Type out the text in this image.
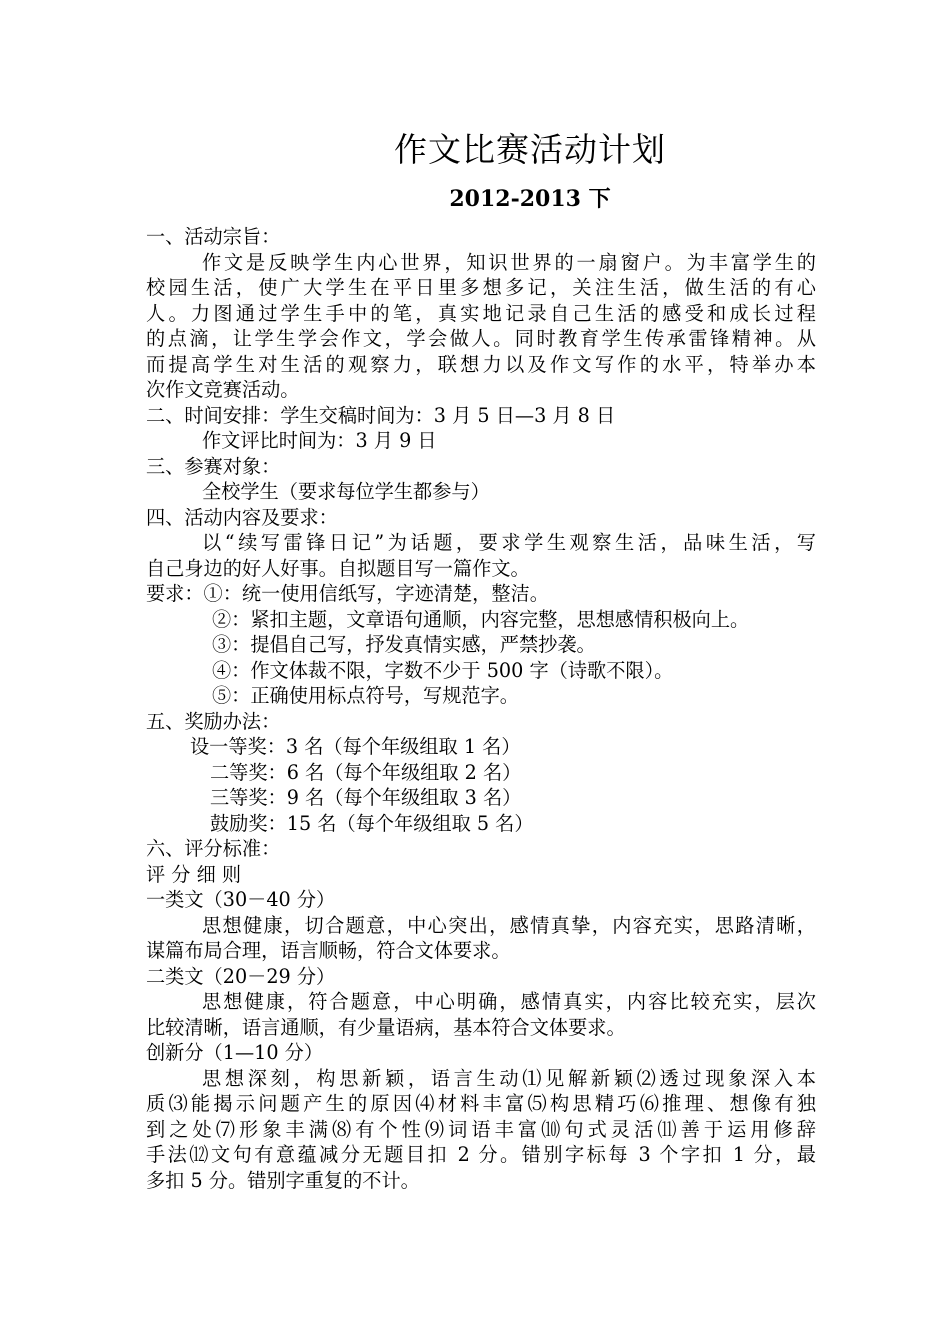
作文比赛活动计划
2012-2013 下
一、活动宗旨：
作文是反映学生内心世界，知识世界的一扇窗户。为丰富学生的
校园生活，使广大学生在平日里多想多记，关注生活，做生活的有心
人。力图通过学生手中的笔，真实地记录自己生活的感受和成长过程
的点滴，让学生学会作文，学会做人。同时教育学生传承雷锋精神。从
而提高学生对生活的观察力，联想力以及作文写作的水平，特举办本
次作文竞赛活动。
二、时间安排：学生交稿时间为：3 月 5 日—3 月 8 日
作文评比时间为：3 月 9 日
三、参赛对象：
全校学生（要求每位学生都参与）
四、活动内容及要求：
以“续写雷锋日记”为话题，要求学生观察生活，品味生活，写
自己身边的好人好事。自拟题目写一篇作文。
要求：①：统一使用信纸写，字迹清楚，整洁。
②：紧扣主题，文章语句通顺，内容完整，思想感情积极向上。
③：提倡自己写，抒发真情实感，严禁抄袭。
④：作文体裁不限，字数不少于 500 字（诗歌不限）。
⑤：正确使用标点符号，写规范字。
五、奖励办法：
设一等奖：3 名（每个年级组取 1 名）
二等奖：6 名（每个年级组取 2 名）
三等奖：9 名（每个年级组取 3 名）
鼓励奖：15 名（每个年级组取 5 名）
六、评分标准：
评 分 细 则
一类文（30－40 分）
思想健康，切合题意，中心突出，感情真挚，内容充实，思路清晰，
谋篇布局合理，语言顺畅，符合文体要求。
二类文（20－29 分）
思想健康，符合题意，中心明确，感情真实，内容比较充实，层次
比较清晰，语言通顺，有少量语病，基本符合文体要求。
创新分（1—10 分）
思想深刻，构思新颖，语言生动⑴见解新颖⑵透过现象深入本
质⑶能揭示问题产生的原因⑷材料丰富⑸构思精巧⑹推理、想像有独
到之处⑺形象丰满⑻有个性⑼词语丰富⑽句式灵活⑾善于运用修辞
手法⑿文句有意蕴减分无题目扣 2 分。错别字标每 3 个字扣 1 分，最
多扣 5 分。错别字重复的不计。
